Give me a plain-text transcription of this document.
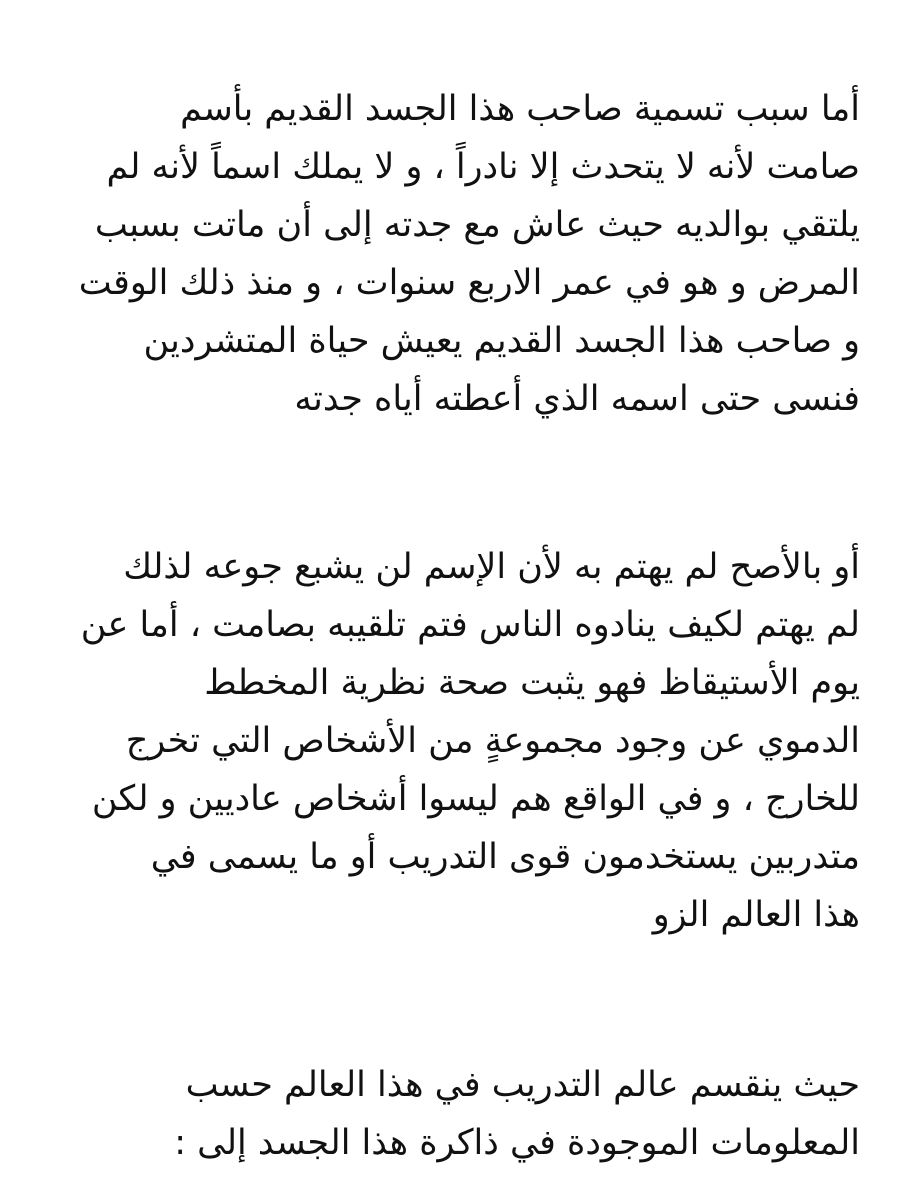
أما سبب تسمية صاحب هذا الجسد القديم بأسم
صامت لأنه لا يتحدث إلا نادراً ، و لا يملك اسماً لأنه لم
يلتقي بوالديه حيث عاش مع جدته إلى أن ماتت بسبب
المرض و هو في عمر الاربع سنوات ، و منذ ذلك الوقت
و صاحب هذا الجسد القديم يعيش حياة المتشردين
فنسى حتى اسمه الذي أعطته أياه جدته
أو بالأصح لم يهتم به لأن الإسم لن يشبع جوعه لذلك
لم يهتم لكيف ينادوه الناس فتم تلقيبه بصامت ، أما عن
يوم الأستيقاظ فهو يثبت صحة نظرية المخطط
الدموي عن وجود مجموعةٍ من الأشخاص التي تخرج
للخارج ، و في الواقع هم ليسوا أشخاص عاديين و لكن
متدربين يستخدمون قوى التدريب أو ما يسمى في
هذا العالم الزو
حيث ينقسم عالم التدريب في هذا العالم حسب
المعلومات الموجودة في ذاكرة هذا الجسد إلى :
